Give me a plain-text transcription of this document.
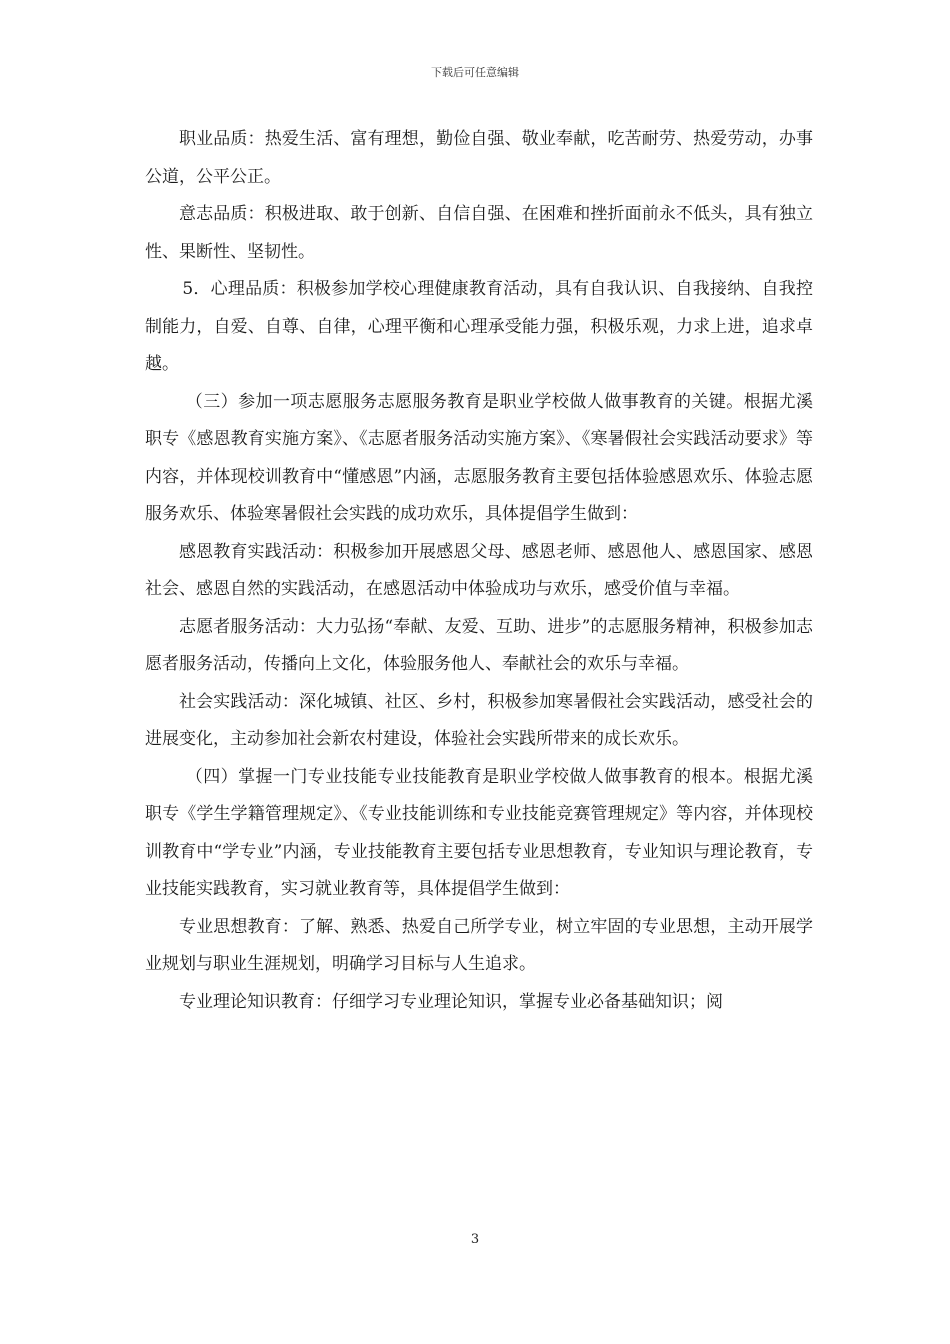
下载后可任意编辑

职业品质：热爱生活、富有理想，勤俭自强、敬业奉献，吃苦耐劳、热爱劳动，办事公道，公平公正。

意志品质：积极进取、敢于创新、自信自强、在困难和挫折面前永不低头，具有独立性、果断性、坚韧性。

5．心理品质：积极参加学校心理健康教育活动，具有自我认识、自我接纳、自我控制能力，自爱、自尊、自律，心理平衡和心理承受能力强，积极乐观，力求上进，追求卓越。

（三）参加一项志愿服务志愿服务教育是职业学校做人做事教育的关键。根据尤溪职专《感恩教育实施方案》、《志愿者服务活动实施方案》、《寒暑假社会实践活动要求》等内容，并体现校训教育中“懂感恩”内涵，志愿服务教育主要包括体验感恩欢乐、体验志愿服务欢乐、体验寒暑假社会实践的成功欢乐，具体提倡学生做到：

感恩教育实践活动：积极参加开展感恩父母、感恩老师、感恩他人、感恩国家、感恩社会、感恩自然的实践活动，在感恩活动中体验成功与欢乐，感受价值与幸福。

志愿者服务活动：大力弘扬“奉献、友爱、互助、进步”的志愿服务精神，积极参加志愿者服务活动，传播向上文化，体验服务他人、奉献社会的欢乐与幸福。

社会实践活动：深化城镇、社区、乡村，积极参加寒暑假社会实践活动，感受社会的进展变化，主动参加社会新农村建设，体验社会实践所带来的成长欢乐。

（四）掌握一门专业技能专业技能教育是职业学校做人做事教育的根本。根据尤溪职专《学生学籍管理规定》、《专业技能训练和专业技能竞赛管理规定》等内容，并体现校训教育中“学专业”内涵，专业技能教育主要包括专业思想教育，专业知识与理论教育，专业技能实践教育，实习就业教育等，具体提倡学生做到：

专业思想教育：了解、熟悉、热爱自己所学专业，树立牢固的专业思想，主动开展学业规划与职业生涯规划，明确学习目标与人生追求。

专业理论知识教育：仔细学习专业理论知识，掌握专业必备基础知识；阅

3
